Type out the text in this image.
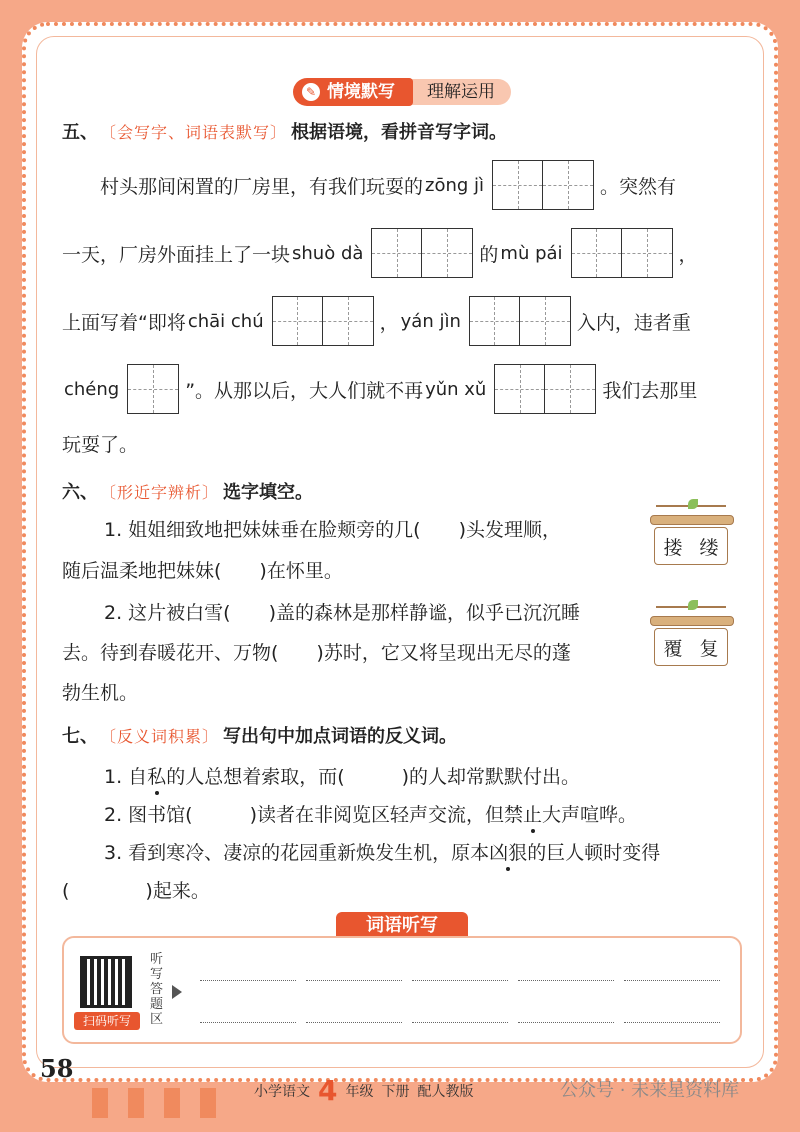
✎ 情境默写	理解运用
五、 〔会写字、词语表默写〕 根据语境，看拼音写字词。
村头那间闲置的厂房里，有我们玩耍的 zōng jì	。突然有
一天，厂房外面挂上了一块 shuò dà	的 mù pái	，
上面写着“即将 chāi chú	， yán jìn	入内，违者重
chéng	”。从那以后，大人们就不再 yǔn xǔ	我们去那里
玩耍了。
六、 〔形近字辨析〕 选字填空。
1. 姐姐细致地把妹妹垂在脸颊旁的几(　　)头发理顺，
随后温柔地把妹妹(　　)在怀里。
2. 这片被白雪(　　)盖的森林是那样静谧，似乎已沉沉睡
去。待到春暖花开、万物(　　)苏时，它又将呈现出无尽的蓬
勃生机。
搂 缕
覆 复
七、 〔反义词积累〕 写出句中加点词语的反义词。
1. 自 私 的人总想着索取，而(　　　)的人却常默默付出。
2. 图书馆(　　　)读者在非阅览区轻声交流，但禁 止 大声喧哗。
3. 看到寒冷、凄凉的花园重新焕发生机，原本 凶狠 的巨人顿时变得
(　　　　)起来。
词语听写
扫码听写
听写答题区
58
小学语文 4 年级 下册 配人教版	公众号 · 未来星资料库
